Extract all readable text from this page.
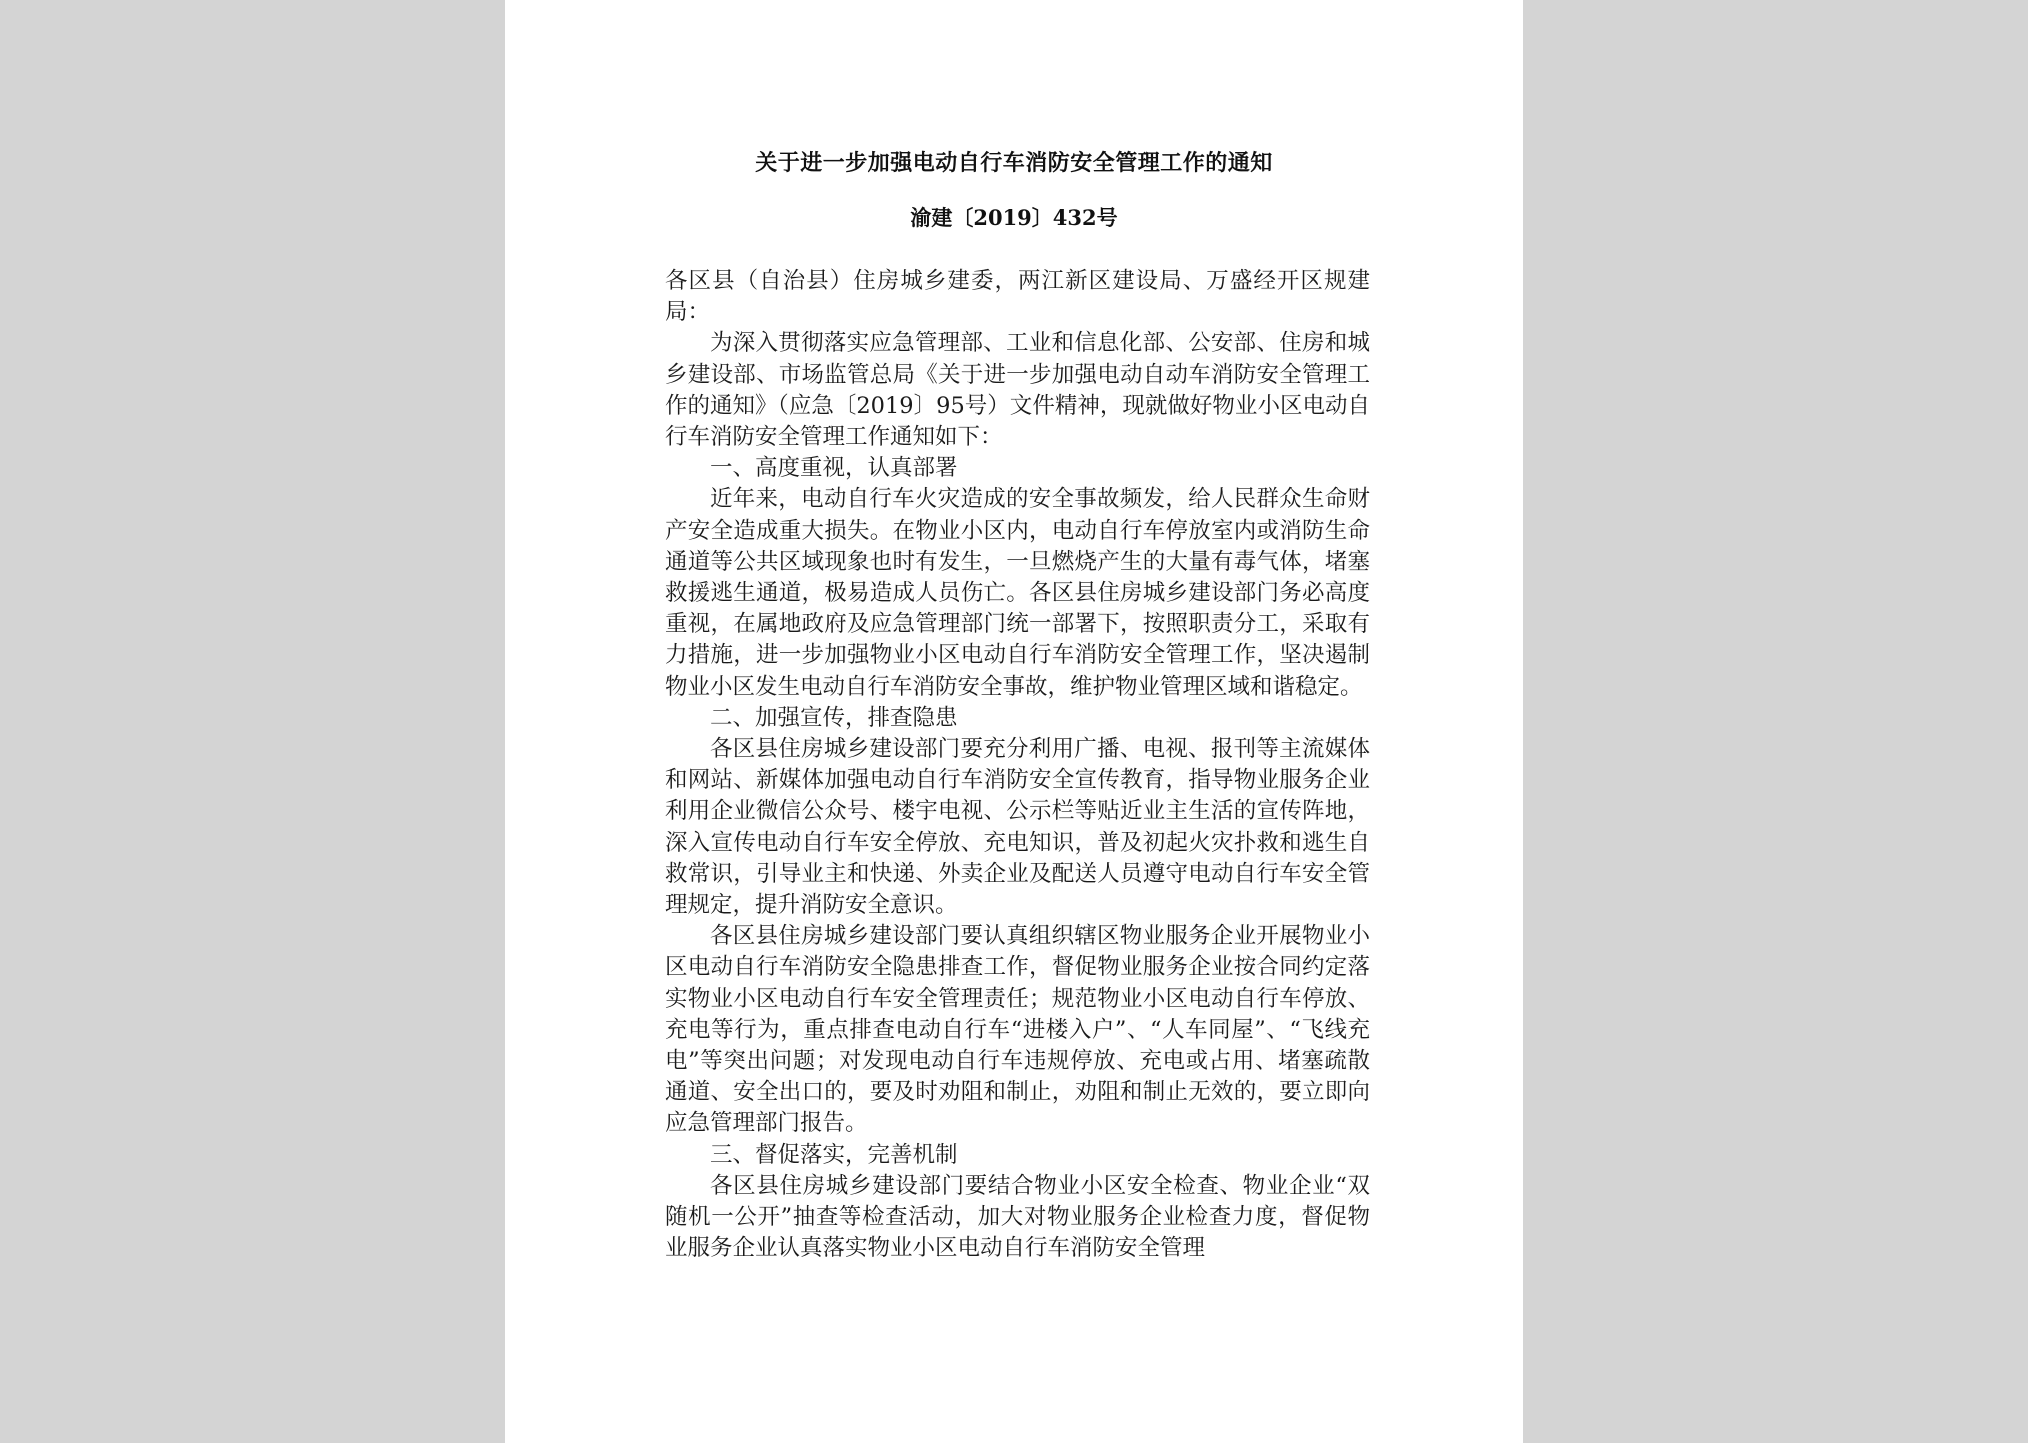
关于进一步加强电动自行车消防安全管理工作的通知
渝建〔2019〕432号

各区县（自治县）住房城乡建委，两江新区建设局、万盛经开区规建局：

为深入贯彻落实应急管理部、工业和信息化部、公安部、住房和城乡建设部、市场监管总局《关于进一步加强电动自动车消防安全管理工作的通知》（应急〔2019〕95号）文件精神，现就做好物业小区电动自行车消防安全管理工作通知如下：

一、高度重视，认真部署

近年来，电动自行车火灾造成的安全事故频发，给人民群众生命财产安全造成重大损失。在物业小区内，电动自行车停放室内或消防生命通道等公共区域现象也时有发生，一旦燃烧产生的大量有毒气体，堵塞救援逃生通道，极易造成人员伤亡。各区县住房城乡建设部门务必高度重视，在属地政府及应急管理部门统一部署下，按照职责分工，采取有力措施，进一步加强物业小区电动自行车消防安全管理工作，坚决遏制物业小区发生电动自行车消防安全事故，维护物业管理区域和谐稳定。

二、加强宣传，排查隐患

各区县住房城乡建设部门要充分利用广播、电视、报刊等主流媒体和网站、新媒体加强电动自行车消防安全宣传教育，指导物业服务企业利用企业微信公众号、楼宇电视、公示栏等贴近业主生活的宣传阵地，深入宣传电动自行车安全停放、充电知识，普及初起火灾扑救和逃生自救常识，引导业主和快递、外卖企业及配送人员遵守电动自行车安全管理规定，提升消防安全意识。

各区县住房城乡建设部门要认真组织辖区物业服务企业开展物业小区电动自行车消防安全隐患排查工作，督促物业服务企业按合同约定落实物业小区电动自行车安全管理责任；规范物业小区电动自行车停放、充电等行为，重点排查电动自行车“进楼入户”、“人车同屋”、“飞线充电”等突出问题；对发现电动自行车违规停放、充电或占用、堵塞疏散通道、安全出口的，要及时劝阻和制止，劝阻和制止无效的，要立即向应急管理部门报告。

三、督促落实，完善机制

各区县住房城乡建设部门要结合物业小区安全检查、物业企业“双随机一公开”抽查等检查活动，加大对物业服务企业检查力度，督促物业服务企业认真落实物业小区电动自行车消防安全管理
